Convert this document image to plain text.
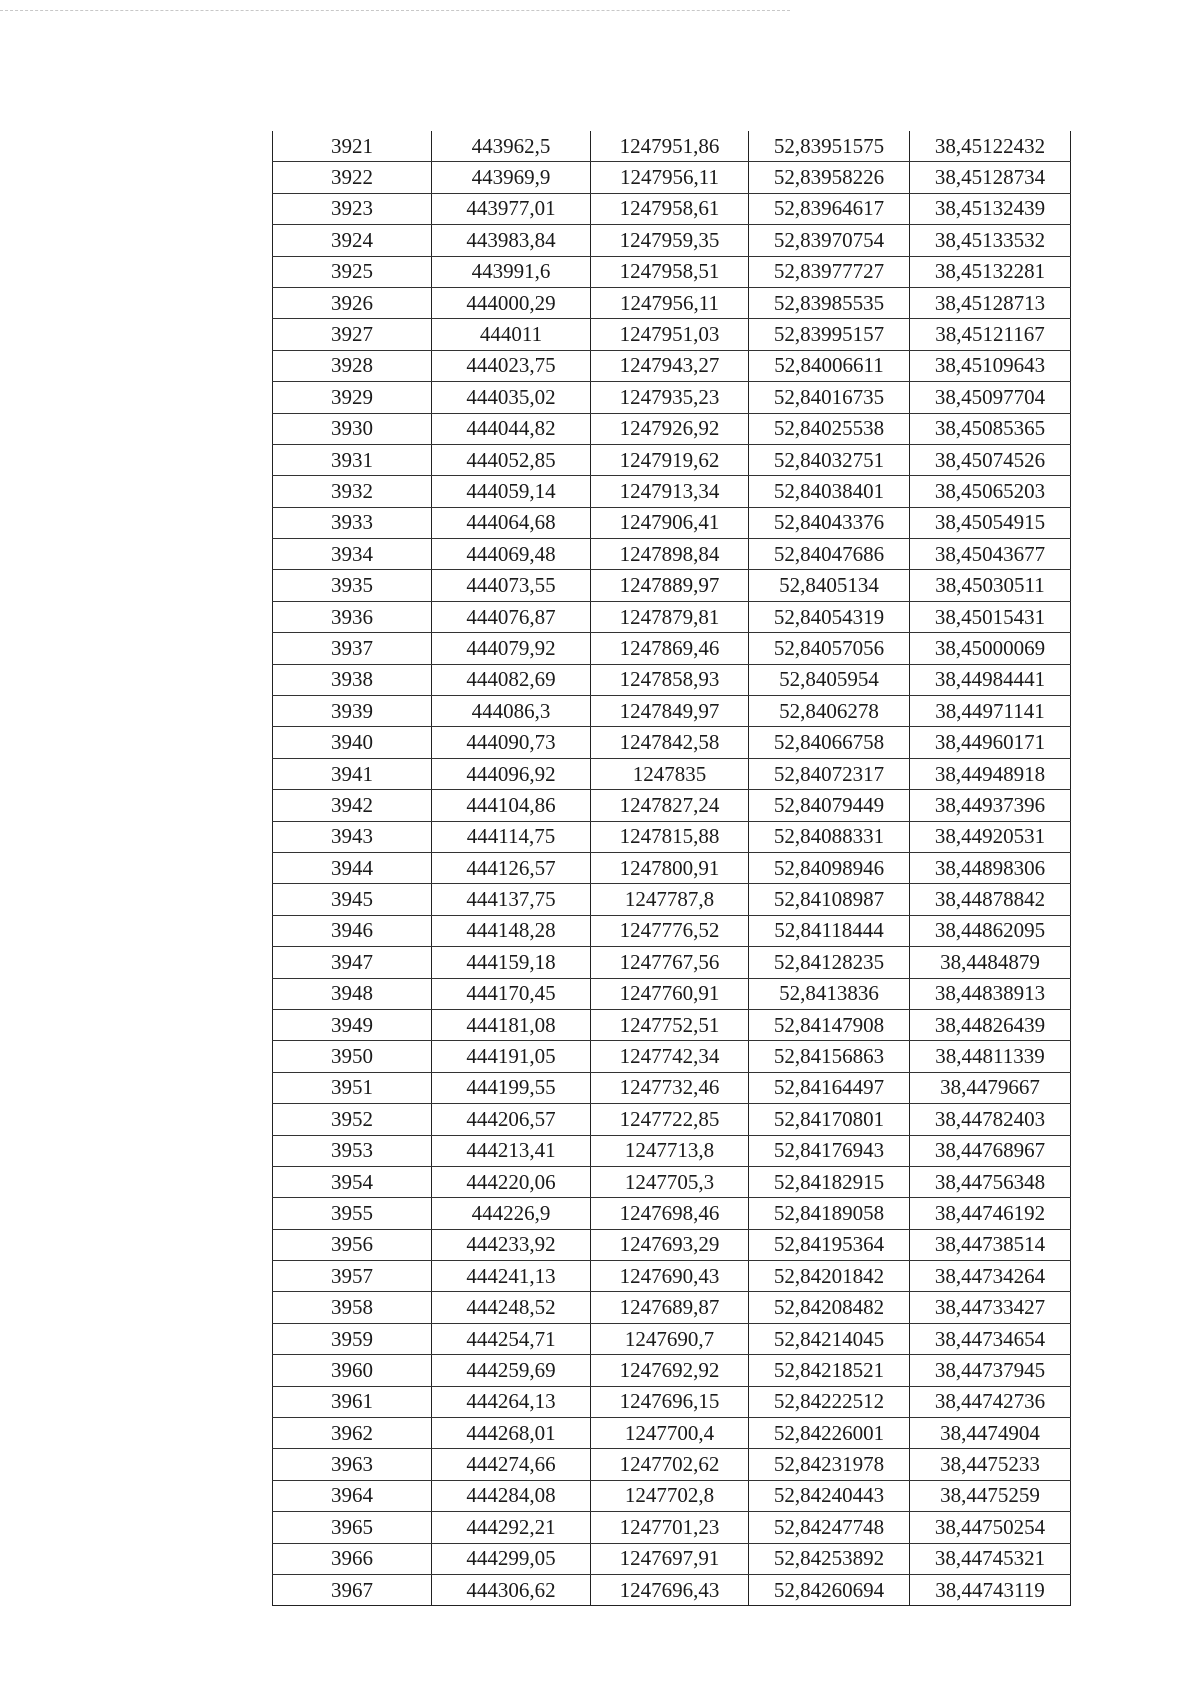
3921	443962,5	1247951,86	52,83951575	38,45122432
3922	443969,9	1247956,11	52,83958226	38,45128734
3923	443977,01	1247958,61	52,83964617	38,45132439
3924	443983,84	1247959,35	52,83970754	38,45133532
3925	443991,6	1247958,51	52,83977727	38,45132281
3926	444000,29	1247956,11	52,83985535	38,45128713
3927	444011	1247951,03	52,83995157	38,45121167
3928	444023,75	1247943,27	52,84006611	38,45109643
3929	444035,02	1247935,23	52,84016735	38,45097704
3930	444044,82	1247926,92	52,84025538	38,45085365
3931	444052,85	1247919,62	52,84032751	38,45074526
3932	444059,14	1247913,34	52,84038401	38,45065203
3933	444064,68	1247906,41	52,84043376	38,45054915
3934	444069,48	1247898,84	52,84047686	38,45043677
3935	444073,55	1247889,97	52,8405134	38,45030511
3936	444076,87	1247879,81	52,84054319	38,45015431
3937	444079,92	1247869,46	52,84057056	38,45000069
3938	444082,69	1247858,93	52,8405954	38,44984441
3939	444086,3	1247849,97	52,8406278	38,44971141
3940	444090,73	1247842,58	52,84066758	38,44960171
3941	444096,92	1247835	52,84072317	38,44948918
3942	444104,86	1247827,24	52,84079449	38,44937396
3943	444114,75	1247815,88	52,84088331	38,44920531
3944	444126,57	1247800,91	52,84098946	38,44898306
3945	444137,75	1247787,8	52,84108987	38,44878842
3946	444148,28	1247776,52	52,84118444	38,44862095
3947	444159,18	1247767,56	52,84128235	38,4484879
3948	444170,45	1247760,91	52,8413836	38,44838913
3949	444181,08	1247752,51	52,84147908	38,44826439
3950	444191,05	1247742,34	52,84156863	38,44811339
3951	444199,55	1247732,46	52,84164497	38,4479667
3952	444206,57	1247722,85	52,84170801	38,44782403
3953	444213,41	1247713,8	52,84176943	38,44768967
3954	444220,06	1247705,3	52,84182915	38,44756348
3955	444226,9	1247698,46	52,84189058	38,44746192
3956	444233,92	1247693,29	52,84195364	38,44738514
3957	444241,13	1247690,43	52,84201842	38,44734264
3958	444248,52	1247689,87	52,84208482	38,44733427
3959	444254,71	1247690,7	52,84214045	38,44734654
3960	444259,69	1247692,92	52,84218521	38,44737945
3961	444264,13	1247696,15	52,84222512	38,44742736
3962	444268,01	1247700,4	52,84226001	38,4474904
3963	444274,66	1247702,62	52,84231978	38,4475233
3964	444284,08	1247702,8	52,84240443	38,4475259
3965	444292,21	1247701,23	52,84247748	38,44750254
3966	444299,05	1247697,91	52,84253892	38,44745321
3967	444306,62	1247696,43	52,84260694	38,44743119
